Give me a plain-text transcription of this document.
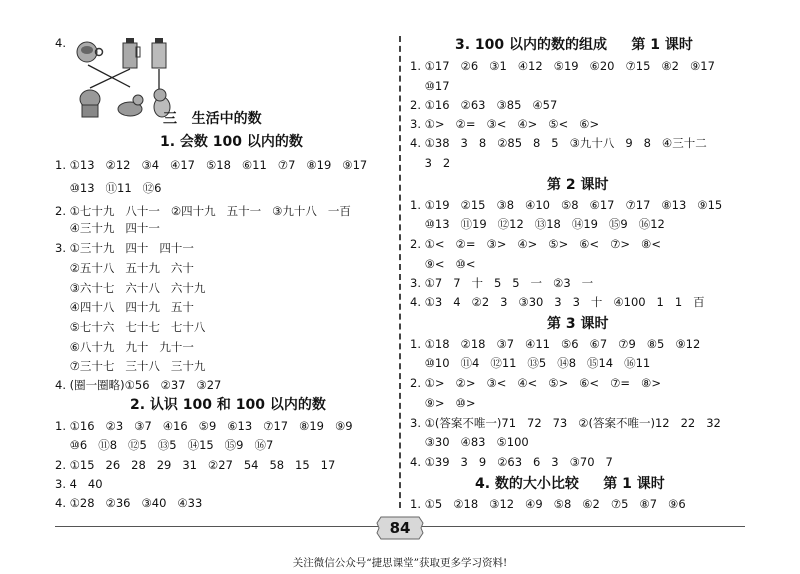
4.
三   生活中的数
1. 会数 100 以内的数
1. ①13   ②12   ③4   ④17   ⑤18   ⑥11   ⑦7   ⑧19   ⑨17
⑩13   ⑪11   ⑫6
2. ①七十九   八十一   ②四十九   五十一   ③九十八   一百
④三十九   四十一
3. ①三十九   四十   四十一
②五十八   五十九   六十
③六十七   六十八   六十九
④四十八   四十九   五十
⑤七十六   七十七   七十八
⑥八十九   九十   九十一
⑦三十七   三十八   三十九
4. (圈一圈略)①56   ②37   ③27
2. 认识 100 和 100 以内的数
1. ①16   ②3   ③7   ④16   ⑤9   ⑥13   ⑦17   ⑧19   ⑨9
⑩6   ⑪8   ⑫5   ⑬5   ⑭15   ⑮9   ⑯7
2. ①15   26   28   29   31   ②27   54   58   15   17
3. 4   40
4. ①28   ②36   ③40   ④33
3. 100 以内的数的组成     第 1 课时
1. ①17   ②6   ③1   ④12   ⑤19   ⑥20   ⑦15   ⑧2   ⑨17
⑩17
2. ①16   ②63   ③85   ④57
3. ①>   ②=   ③<   ④>   ⑤<   ⑥>
4. ①38   3   8   ②85   8   5   ③九十八   9   8   ④三十二
3   2
第 2 课时
1. ①19   ②15   ③8   ④10   ⑤8   ⑥17   ⑦17   ⑧13   ⑨15
⑩13   ⑪19   ⑫12   ⑬18   ⑭19   ⑮9   ⑯12
2. ①<   ②=   ③>   ④>   ⑤>   ⑥<   ⑦>   ⑧<
⑨<   ⑩<
3. ①7   7   十   5   5   一   ②3   一
4. ①3   4   ②2   3   ③30   3   3   十   ④100   1   1   百
第 3 课时
1. ①18   ②18   ③7   ④11   ⑤6   ⑥7   ⑦9   ⑧5   ⑨12
⑩10   ⑪4   ⑫11   ⑬5   ⑭8   ⑮14   ⑯11
2. ①>   ②>   ③<   ④<   ⑤>   ⑥<   ⑦=   ⑧>
⑨>   ⑩>
3. ①(答案不唯一)71   72   73   ②(答案不唯一)12   22   32
③30   ④83   ⑤100
4. ①39   3   9   ②63   6   3   ③70   7
4. 数的大小比较     第 1 课时
1. ①5   ②18   ③12   ④9   ⑤8   ⑥2   ⑦5   ⑧7   ⑨6
84
关注微信公众号“捷思课堂”获取更多学习资料!
